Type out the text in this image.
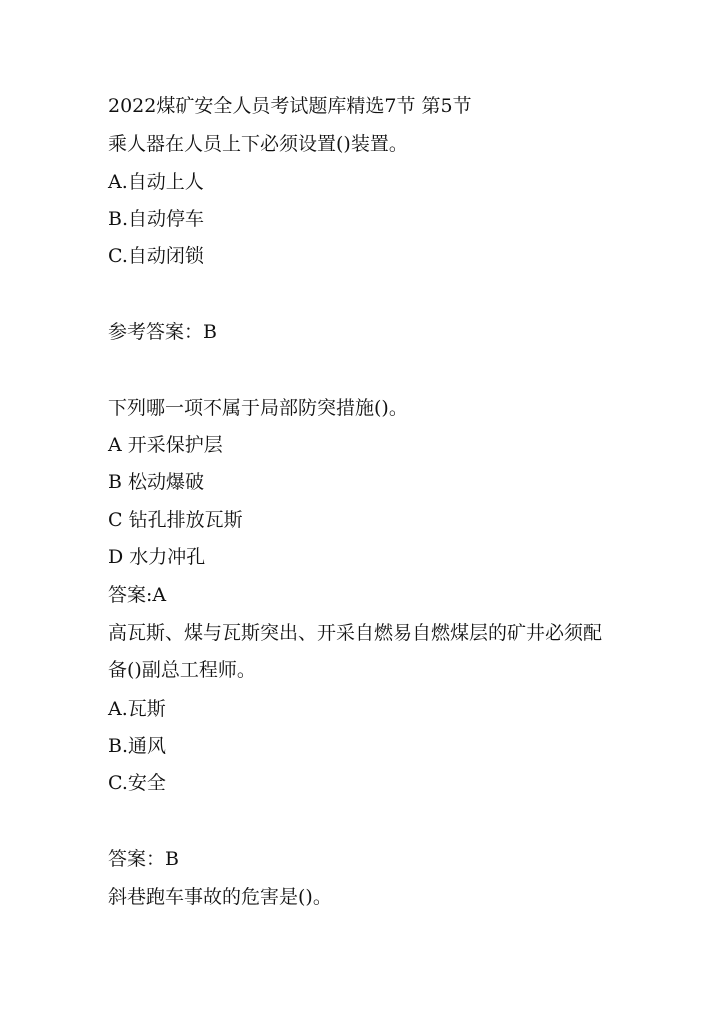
2022煤矿安全人员考试题库精选7节 第5节
乘人器在人员上下必须设置()装置。
A.自动上人
B.自动停车
C.自动闭锁
参考答案：B
下列哪一项不属于局部防突措施()。
A 开采保护层
B 松动爆破
C 钻孔排放瓦斯
D 水力冲孔
答案:A
高瓦斯、煤与瓦斯突出、开采自燃易自燃煤层的矿井必须配
备()副总工程师。
A.瓦斯
B.通风
C.安全
答案：B
斜巷跑车事故的危害是()。
